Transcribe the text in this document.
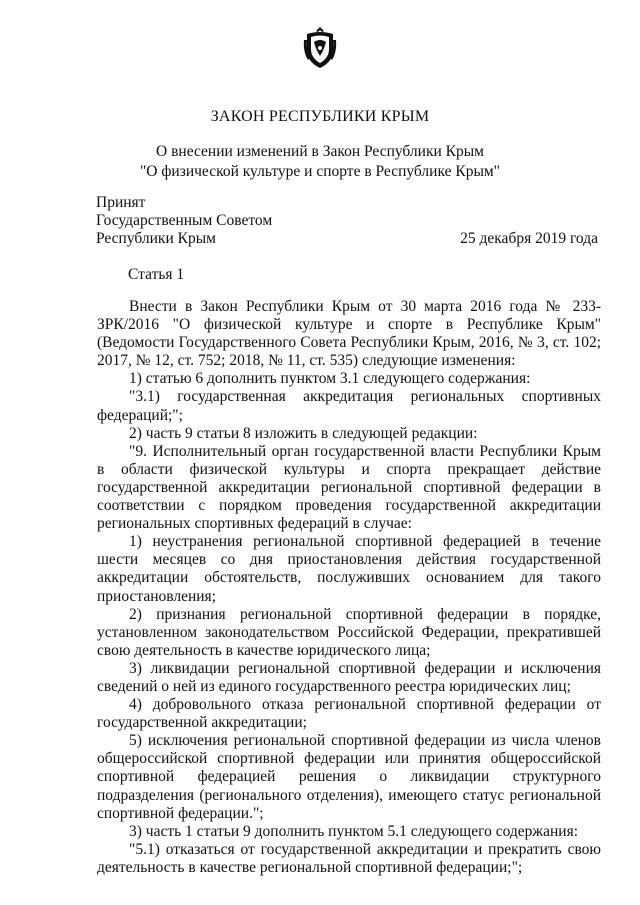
ЗАКОН РЕСПУБЛИКИ КРЫМ
О внесении изменений в Закон Республики Крым
"О физической культуре и спорте в Республике Крым"
Принят
Государственным Советом
Республики Крым	25 декабря 2019 года
Статья 1

Внести в Закон Республики Крым от 30 марта 2016 года № 233-ЗРК/2016 "О физической культуре и спорте в Республике Крым" (Ведомости Государственного Совета Республики Крым, 2016, № 3, ст. 102; 2017, № 12, ст. 752; 2018, № 11, ст. 535) следующие изменения:

1) статью 6 дополнить пунктом 3.1 следующего содержания:

"3.1) государственная аккредитация региональных спортивных федераций;";

2) часть 9 статьи 8 изложить в следующей редакции:

"9. Исполнительный орган государственной власти Республики Крым в области физической культуры и спорта прекращает действие государственной аккредитации региональной спортивной федерации в соответствии с порядком проведения государственной аккредитации региональных спортивных федераций в случае:

1) неустранения региональной спортивной федерацией в течение шести месяцев со дня приостановления действия государственной аккредитации обстоятельств, послуживших основанием для такого приостановления;

2) признания региональной спортивной федерации в порядке, установленном законодательством Российской Федерации, прекратившей свою деятельность в качестве юридического лица;

3) ликвидации региональной спортивной федерации и исключения сведений о ней из единого государственного реестра юридических лиц;

4) добровольного отказа региональной спортивной федерации от государственной аккредитации;

5) исключения региональной спортивной федерации из числа членов общероссийской спортивной федерации или принятия общероссийской спортивной федерацией решения о ликвидации структурного подразделения (регионального отделения), имеющего статус региональной спортивной федерации.";

3) часть 1 статьи 9 дополнить пунктом 5.1 следующего содержания:

"5.1) отказаться от государственной аккредитации и прекратить свою деятельность в качестве региональной спортивной федерации;";
